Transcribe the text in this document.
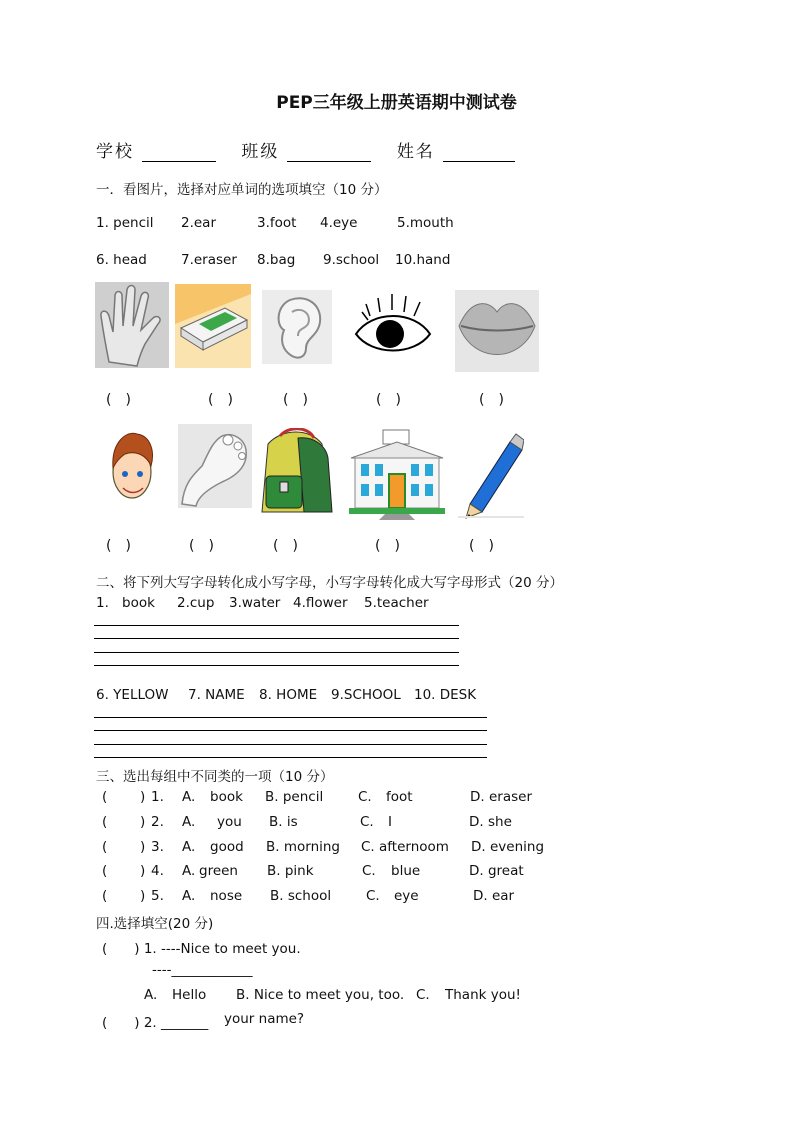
PEP三年级上册英语期中测试卷
学校	班级	姓名
一．看图片，选择对应单词的选项填空（10 分）
1. pencil 2.ear	3.foot 4.eye	5.mouth
6. head	7.eraser 8.bag 9.school 10.hand
(　)	(　)	(　)	(　)	(　)
(　)	(　)	(　)	(　)	(　)
二、将下列大写字母转化成小写字母，小写字母转化成大写字母形式（20 分）
1. book 2.cup 3.water 4.flower 5.teacher
6. YELLOW 7. NAME 8. HOME 9.SCHOOL 10. DESK
三、选出每组中不同类的一项（10 分）
( ) 1. A. book B. pencil	C. foot	D. eraser
( ) 2. A. you B. is	C. I	D. she
( ) 3. A. good B. morning C. afternoom D. evening
( ) 4. A. green B. pink	C. blue	D. great
( ) 5. A. nose B. school	C. eye	D. ear
四.选择填空(20 分)
(　　) 1. ----Nice to meet you.
----____________
A. Hello B. Nice to meet you, too. C. Thank you!
(　　) 2. _______ your name?
